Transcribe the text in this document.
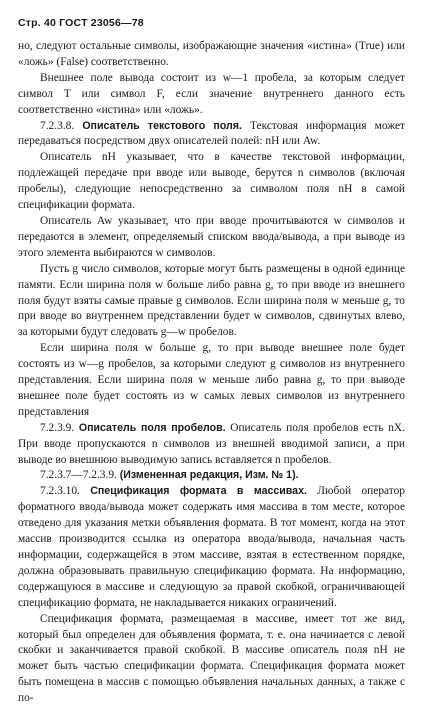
Стр. 40 ГОСТ 23056—78

но, следуют остальные символы, изображающие значения «истина» (True) или «ложь» (False) соответственно.

Внешнее поле вывода состоит из w—1 пробела, за которым следует символ T или символ F, если значение внутреннего данного есть соответственно «истина» или «ложь».

7.2.3.8. Описатель текстового поля. Текстовая информация может передаваться посредством двух описателей полей: nH или Aw.

Описатель nH указывает, что в качестве текстовой информации, подлежащей передаче при вводе или выводе, берутся n символов (включая пробелы), следующие непосредственно за символом поля nH в самой спецификации формата.

Описатель Aw указывает, что при вводе прочитываются w символов и передаются в элемент, определяемый списком ввода/вывода, а при выводе из этого элемента выбираются w символов.

Пусть g число символов, которые могут быть размещены в одной единице памяти. Если ширина поля w больше либо равна g, то при вводе из внешнего поля будут взяты самые правые g символов. Если ширина поля w меньше g, то при вводе во внутреннем представлении будет w символов, сдвинутых влево, за которыми будут следовать g—w пробелов.

Если ширина поля w больше g, то при выводе внешнее поле будет состоять из w—g пробелов, за которыми следуют g символов из внутреннего представления. Если ширина поля w меньше либо равна g, то при выводе внешнее поле будет состоять из w самых левых символов из внутреннего представления

7.2.3.9. Описатель поля пробелов. Описатель поля пробелов есть nX. При вводе пропускаются n символов из внешней вводимой записи, а при выводе во внешнюю выводимую запись вставляется n пробелов.

7.2.3.7—7.2.3.9. (Измененная редакция, Изм. № 1).

7.2.3.10. Спецификация формата в массивах. Любой оператор форматного ввода/вывода может содержать имя массива в том месте, которое отведено для указания метки объявления формата. В тот момент, когда на этот массив производится ссылка из оператора ввода/вывода, начальная часть информации, содержащейся в этом массиве, взятая в естественном порядке, должна образовывать правильную спецификацию формата. На информацию, содержащуюся в массиве и следующую за правой скобкой, ограничивающей спецификацию формата, не накладывается никаких ограничений.

Спецификация формата, размещаемая в массиве, имеет тот же вид, который был определен для объявления формата, т. е. она начинается с левой скобки и заканчивается правой скобкой. В массиве описатель поля nH не может быть частью спецификации формата. Спецификация формата может быть помещена в массив с помощью объявления начальных данных, а также с по-
